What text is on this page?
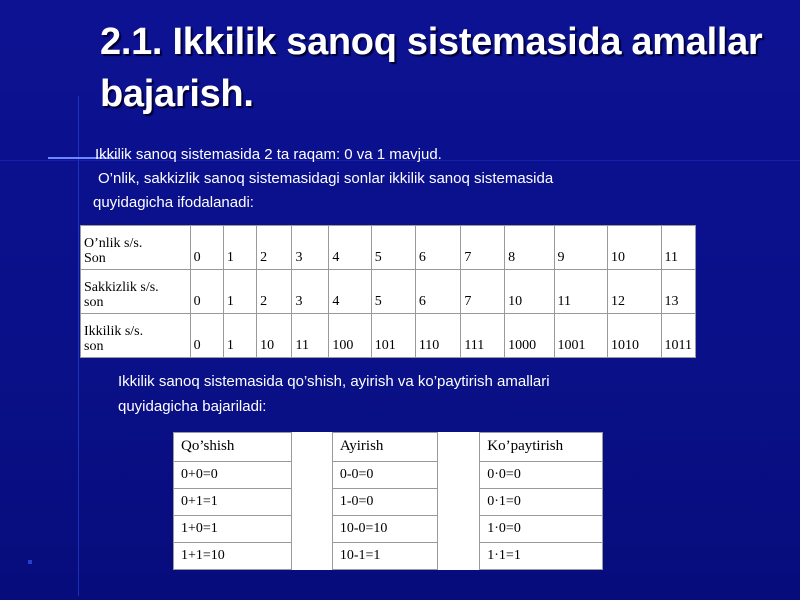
2.1. Ikkilik sanoq sistemasida amallar bajarish.
Ikkilik sanoq sistemasida 2 ta raqam: 0 va 1 mavjud.
O’nlik, sakkizlik sanoq sistemasidagi sonlar ikkilik sanoq sistemasida
quyidagicha ifodalanadi:
O’nlik s/s.
Son	0	1	2	3	4	5	6	7	8	9	10	11

Sakkizlik s/s.
son	0	1	2	3	4	5	6	7	10	11	12	13

Ikkilik s/s.
son	0	1	10	11	100	101	110	111	1000	1001	1010	1011
Ikkilik sanoq sistemasida qo’shish, ayirish va ko’paytirish amallari
quyidagicha bajariladi:
Qo’shish		Ayirish		Ko’paytirish
0+0=0		0-0=0		0·0=0
0+1=1		1-0=0		0·1=0
1+0=1		10-0=10		1·0=0
1+1=10		10-1=1		1·1=1
